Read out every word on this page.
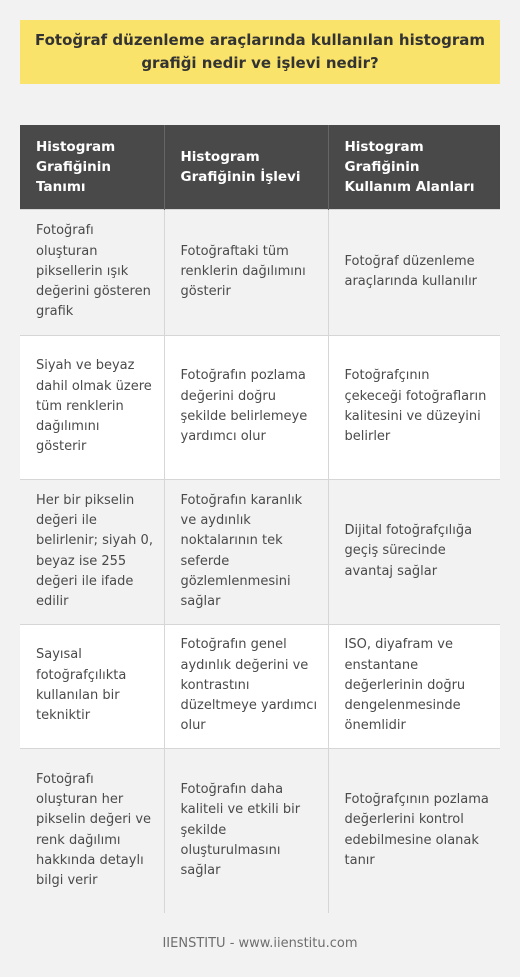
Fotoğraf düzenleme araçlarında kullanılan histogram grafiği nedir ve işlevi nedir?
Histogram Grafiğinin Tanımı	Histogram Grafiğinin İşlevi	Histogram Grafiğinin Kullanım Alanları
Fotoğrafı oluşturan piksellerin ışık değerini gösteren grafik	Fotoğraftaki tüm renklerin dağılımını gösterir	Fotoğraf düzenleme araçlarında kullanılır
Siyah ve beyaz dahil olmak üzere tüm renklerin dağılımını gösterir	Fotoğrafın pozlama değerini doğru şekilde belirlemeye yardımcı olur	Fotoğrafçının çekeceği fotoğrafların kalitesini ve düzeyini belirler
Her bir pikselin değeri ile belirlenir; siyah 0, beyaz ise 255 değeri ile ifade edilir	Fotoğrafın karanlık ve aydınlık noktalarının tek seferde gözlemlenmesini sağlar	Dijital fotoğrafçılığa geçiş sürecinde avantaj sağlar
Sayısal fotoğrafçılıkta kullanılan bir tekniktir	Fotoğrafın genel aydınlık değerini ve kontrastını düzeltmeye yardımcı olur	ISO, diyafram ve enstantane değerlerinin doğru dengelenmesinde önemlidir
Fotoğrafı oluşturan her pikselin değeri ve renk dağılımı hakkında detaylı bilgi verir	Fotoğrafın daha kaliteli ve etkili bir şekilde oluşturulmasını sağlar	Fotoğrafçının pozlama değerlerini kontrol edebilmesine olanak tanır
IIENSTITU - www.iienstitu.com
